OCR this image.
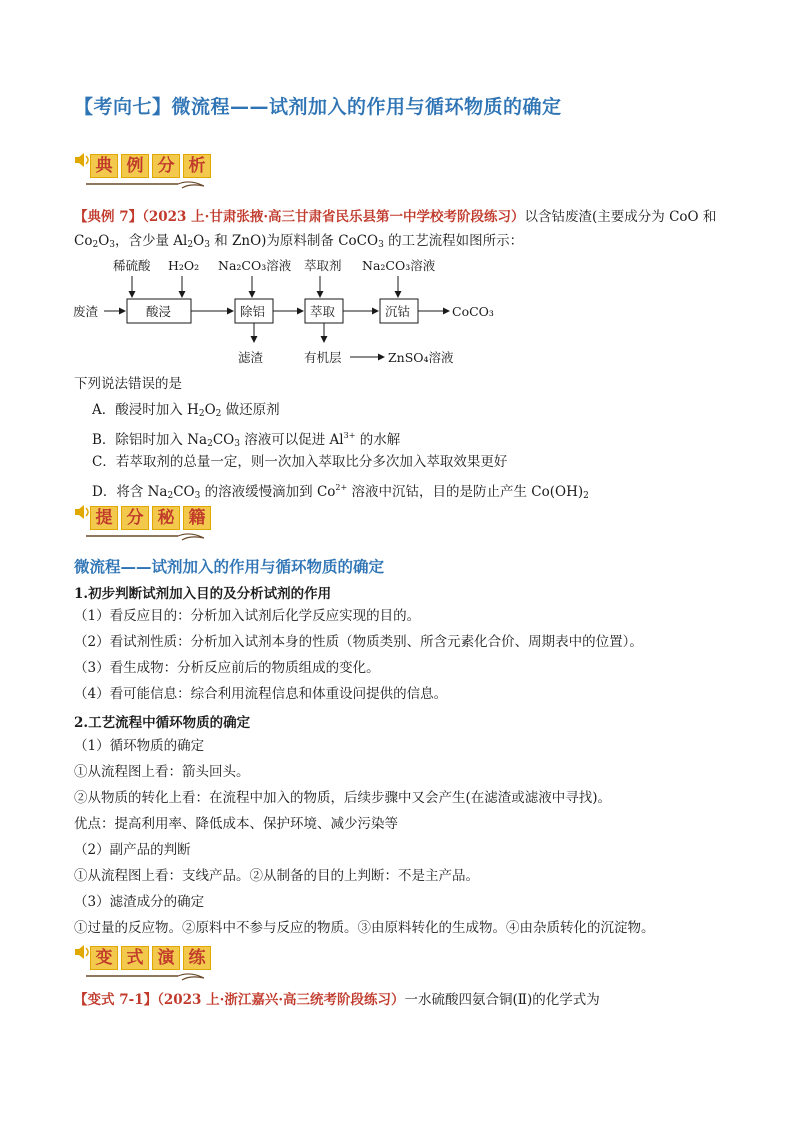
【考向七】微流程——试剂加入的作用与循环物质的确定
典 例 分 析
【典例 7】（2023 上·甘肃张掖·高三甘肃省民乐县第一中学校考阶段练习）以含钴废渣(主要成分为 CoO 和
$Co_2O_3$，含少量 $Al_2O_3$ 和 ZnO)为原料制备 CoCO$_3$ 的工艺流程如图所示：
稀硫酸 H₂O₂ Na₂CO₃溶液 萃取剂 Na₂CO₃溶液
废渣	酸浸	除铝	萃取	沉钴	CoCO₃
滤渣	有机层	ZnSO₄溶液
下列说法错误的是
A．酸浸时加入 $H_2O_2$ 做还原剂
B．除铝时加入 $Na_2CO_3$ 溶液可以促进 $Al^{3+}$ 的水解
C．若萃取剂的总量一定，则一次加入萃取比分多次加入萃取效果更好
D．将含 $Na_2CO_3$ 的溶液缓慢滴加到 $Co^{2+}$ 溶液中沉钴，目的是防止产生 $Co(OH)_2$
提 分 秘 籍
微流程——试剂加入的作用与循环物质的确定
1.初步判断试剂加入目的及分析试剂的作用
（1）看反应目的：分析加入试剂后化学反应实现的目的。
（2）看试剂性质：分析加入试剂本身的性质（物质类别、所含元素化合价、周期表中的位置）。
（3）看生成物：分析反应前后的物质组成的变化。
（4）看可能信息：综合利用流程信息和体重设问提供的信息。
2.工艺流程中循环物质的确定
（1）循环物质的确定
①从流程图上看：箭头回头。
②从物质的转化上看：在流程中加入的物质，后续步骤中又会产生(在滤渣或滤液中寻找)。
优点：提高利用率、降低成本、保护环境、减少污染等
（2）副产品的判断
①从流程图上看：支线产品。②从制备的目的上判断：不是主产品。
（3）滤渣成分的确定
①过量的反应物。②原料中不参与反应的物质。③由原料转化的生成物。④由杂质转化的沉淀物。
变 式 演 练
【变式 7-1】（2023 上·浙江嘉兴·高三统考阶段练习）一水硫酸四氨合铜(Ⅱ)的化学式为
